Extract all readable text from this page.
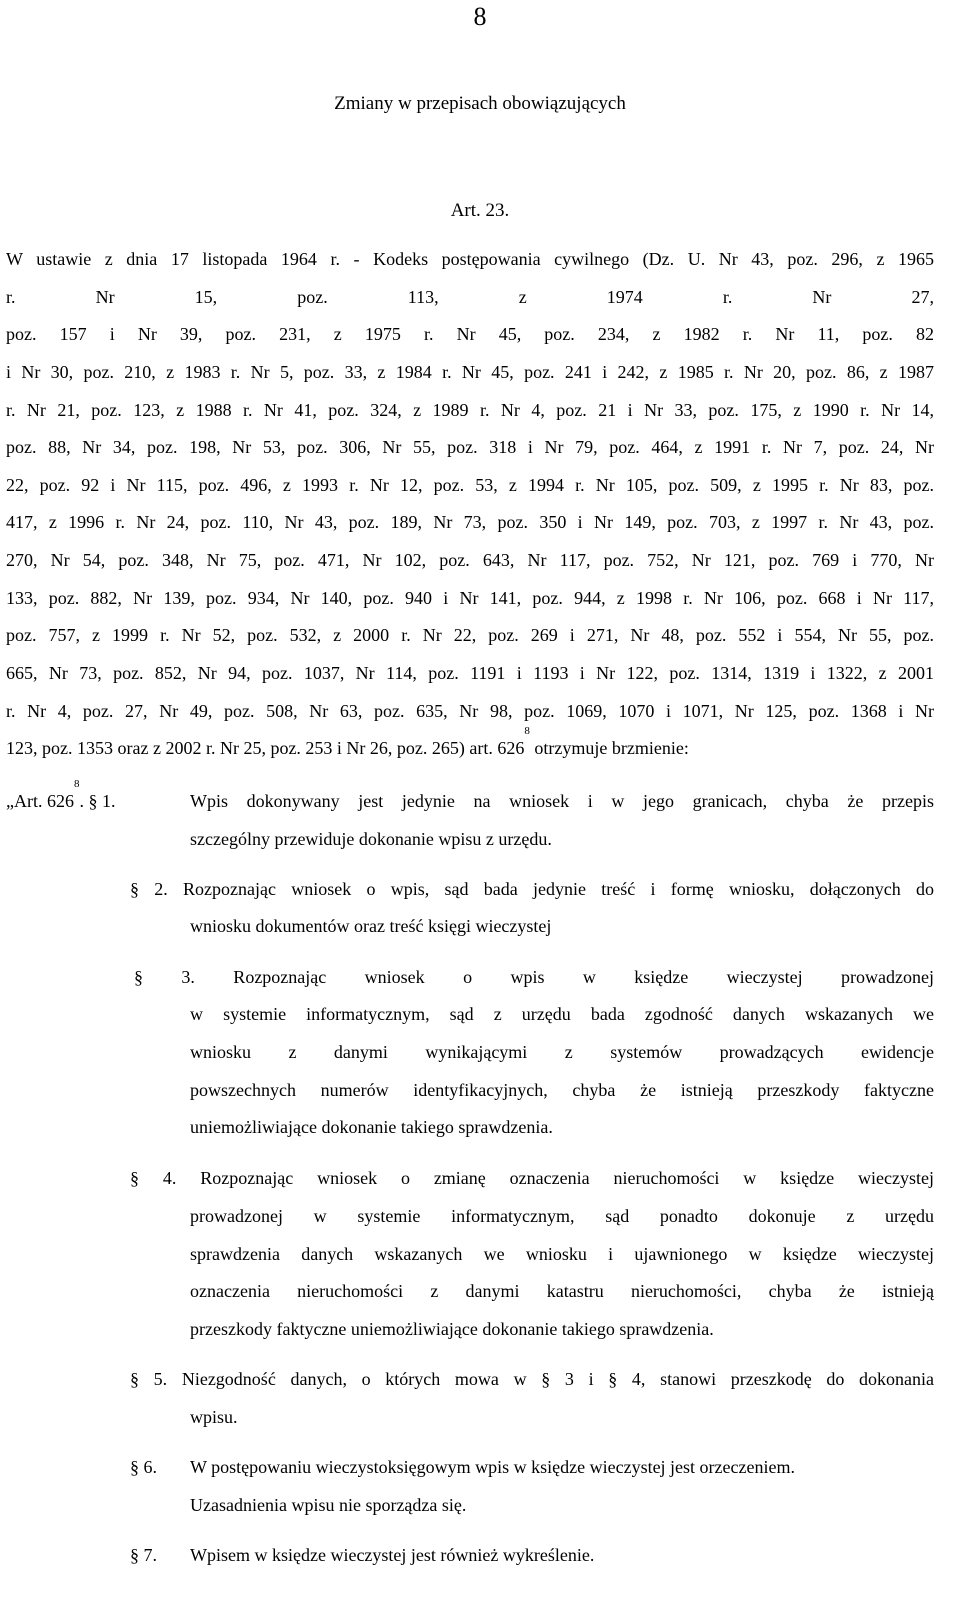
8
Zmiany w przepisach obowiązujących
Art. 23.
W ustawie z dnia 17 listopada 1964 r. - Kodeks postępowania cywilnego (Dz. U. Nr 43, poz. 296, z 1965
r. Nr 15, poz. 113, z 1974 r. Nr 27,
poz. 157 i Nr 39, poz. 231, z 1975 r. Nr 45, poz. 234, z 1982 r. Nr 11, poz. 82
i Nr 30, poz. 210, z 1983 r. Nr 5, poz. 33, z 1984 r. Nr 45, poz. 241 i 242, z 1985 r. Nr 20, poz. 86, z 1987
r. Nr 21, poz. 123, z 1988 r. Nr 41, poz. 324, z 1989 r. Nr 4, poz. 21 i Nr 33, poz. 175, z 1990 r. Nr 14,
poz. 88, Nr 34, poz. 198, Nr 53, poz. 306, Nr 55, poz. 318 i Nr 79, poz. 464, z 1991 r. Nr 7, poz. 24, Nr
22, poz. 92 i Nr 115, poz. 496, z 1993 r. Nr 12, poz. 53, z 1994 r. Nr 105, poz. 509, z 1995 r. Nr 83, poz.
417, z 1996 r. Nr 24, poz. 110, Nr 43, poz. 189, Nr 73, poz. 350 i Nr 149, poz. 703, z 1997 r. Nr 43, poz.
270, Nr 54, poz. 348, Nr 75, poz. 471, Nr 102, poz. 643, Nr 117, poz. 752, Nr 121, poz. 769 i 770, Nr
133, poz. 882, Nr 139, poz. 934, Nr 140, poz. 940 i Nr 141, poz. 944, z 1998 r. Nr 106, poz. 668 i Nr 117,
poz. 757, z 1999 r. Nr 52, poz. 532, z 2000 r. Nr 22, poz. 269 i 271, Nr 48, poz. 552 i 554, Nr 55, poz.
665, Nr 73, poz. 852, Nr 94, poz. 1037, Nr 114, poz. 1191 i 1193 i Nr 122, poz. 1314, 1319 i 1322, z 2001
r. Nr 4, poz. 27, Nr 49, poz. 508, Nr 63, poz. 635, Nr 98, poz. 1069, 1070 i 1071, Nr 125, poz. 1368 i Nr
123, poz. 1353 oraz z 2002 r. Nr 25, poz. 253 i Nr 26, poz. 265) art. $626^8$ otrzymuje brzmienie:
„Art. $626^8$. § 1.	Wpis dokonywany jest jedynie na wniosek i w jego granicach, chyba że przepis
szczególny przewiduje dokonanie wpisu z urzędu.
§ 2. Rozpoznając wniosek o wpis, sąd bada jedynie treść i formę wniosku, dołączonych do
wniosku dokumentów oraz treść księgi wieczystej
§ 3. Rozpoznając wniosek o wpis w księdze wieczystej prowadzonej
w systemie informatycznym, sąd z urzędu bada zgodność danych wskazanych we
wniosku z danymi wynikającymi z systemów prowadzących ewidencje
powszechnych numerów identyfikacyjnych, chyba że istnieją przeszkody faktyczne
uniemożliwiające dokonanie takiego sprawdzenia.
§ 4. Rozpoznając wniosek o zmianę oznaczenia nieruchomości w księdze wieczystej
prowadzonej w systemie informatycznym, sąd ponadto dokonuje z urzędu
sprawdzenia danych wskazanych we wniosku i ujawnionego w księdze wieczystej
oznaczenia nieruchomości z danymi katastru nieruchomości, chyba że istnieją
przeszkody faktyczne uniemożliwiające dokonanie takiego sprawdzenia.
§ 5. Niezgodność danych, o których mowa w § 3 i § 4, stanowi przeszkodę do dokonania
wpisu.
§ 6. W postępowaniu wieczystoksięgowym wpis w księdze wieczystej jest orzeczeniem.
Uzasadnienia wpisu nie sporządza się.
§ 7. Wpisem w księdze wieczystej jest również wykreślenie.
